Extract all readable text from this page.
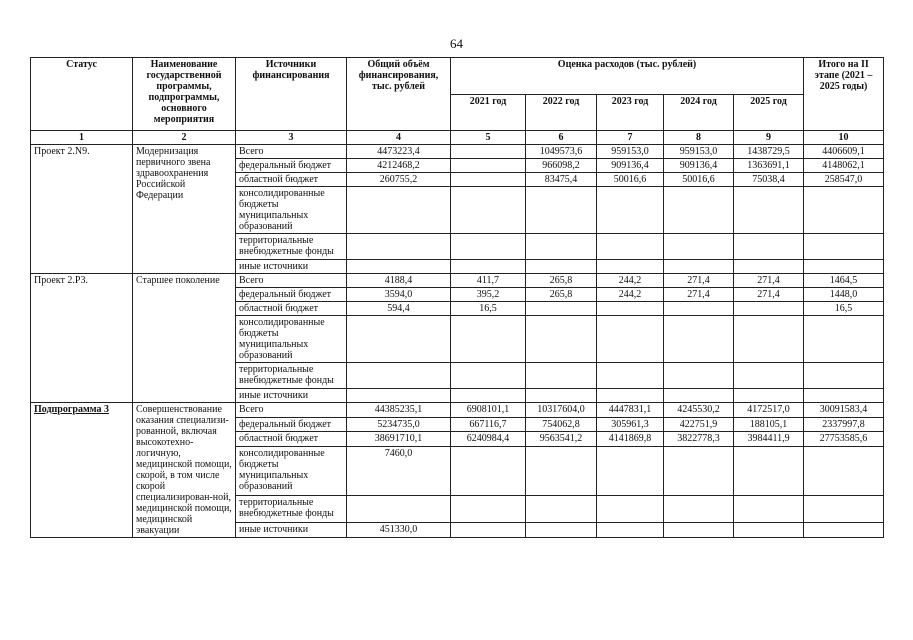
64
Статус	Наименование государственной программы, подпрограммы, основного мероприятия	Источники финансирования	Общий объём финансирования, тыс. рублей	Оценка расходов (тыс. рублей)					Итого на II этапе (2021 – 2025 годы)
				2021 год	2022 год	2023 год	2024 год	2025 год	
1	2	3	4	5	6	7	8	9	10
Проект 2.N9.	Модернизация первичного звена здравоохранения Российской Федерации	Всего	4473223,4		1049573,6	959153,0	959153,0	1438729,5	4406609,1
		федеральный бюджет	4212468,2		966098,2	909136,4	909136,4	1363691,1	4148062,1
		областной бюджет	260755,2		83475,4	50016,6	50016,6	75038,4	258547,0
		консолидированные бюджеты муниципальных образований							
		территориальные внебюджетные фонды							
		иные источники							
Проект 2.Р3.	Старшее поколение	Всего	4188,4	411,7	265,8	244,2	271,4	271,4	1464,5
		федеральный бюджет	3594,0	395,2	265,8	244,2	271,4	271,4	1448,0
		областной бюджет	594,4	16,5					16,5
		консолидированные бюджеты муниципальных образований							
		территориальные внебюджетные фонды							
		иные источники							
Подпрограмма 3	Совершенствование оказания специализи-рованной, включая высокотехно-логичную, медицинской помощи, скорой, в том числе скорой специализирован-ной, медицинской помощи, медицинской эвакуации	Всего	44385235,1	6908101,1	10317604,0	4447831,1	4245530,2	4172517,0	30091583,4
		федеральный бюджет	5234735,0	667116,7	754062,8	305961,3	422751,9	188105,1	2337997,8
		областной бюджет	38691710,1	6240984,4	9563541,2	4141869,8	3822778,3	3984411,9	27753585,6
		консолидированные бюджеты муниципальных образований	7460,0						
		территориальные внебюджетные фонды							
		иные источники	451330,0						
